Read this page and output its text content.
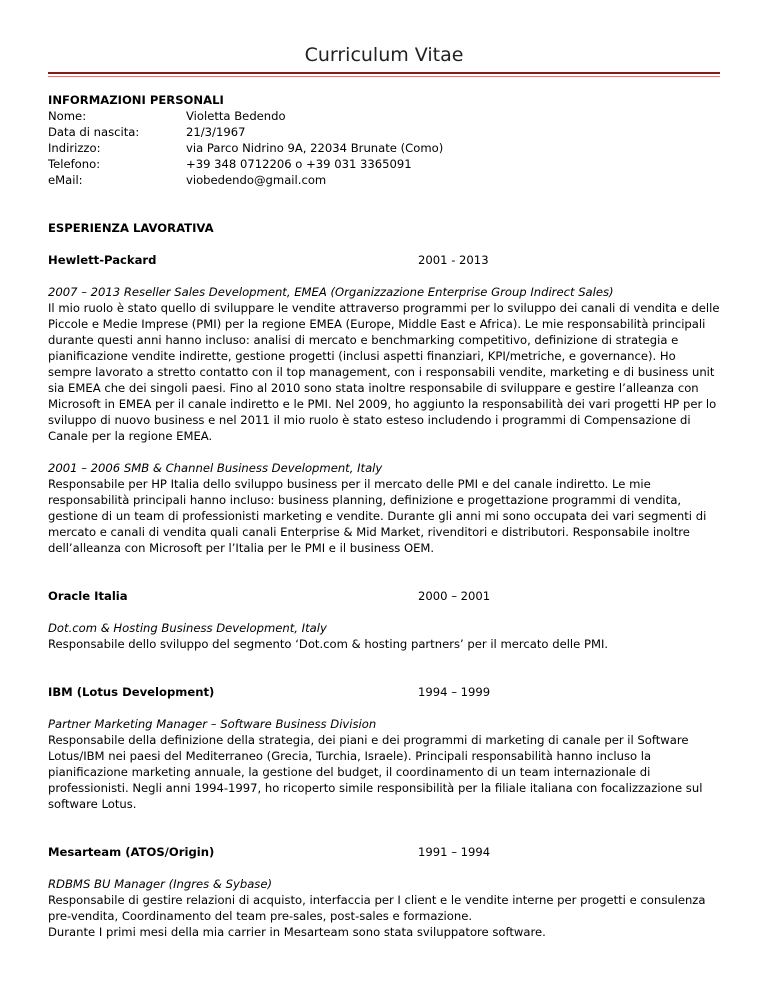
Curriculum Vitae
INFORMAZIONI PERSONALI
Nome:	Violetta Bedendo
Data di nascita:	21/3/1967
Indirizzo:	via Parco Nidrino 9A, 22034 Brunate (Como)
Telefono:	+39 348 0712206 o +39 031 3365091
eMail:	viobedendo@gmail.com
ESPERIENZA LAVORATIVA
Hewlett-Packard	2001 - 2013
2007 – 2013 Reseller Sales Development, EMEA (Organizzazione Enterprise Group Indirect Sales)

Il mio ruolo è stato quello di sviluppare le vendite attraverso programmi per lo sviluppo dei canali di vendita e delle Piccole e Medie Imprese (PMI) per la regione EMEA (Europe, Middle East e Africa). Le mie responsabilità principali durante questi anni hanno incluso: analisi di mercato e benchmarking competitivo, definizione di strategia e pianificazione vendite indirette, gestione progetti (inclusi aspetti finanziari, KPI/metriche, e governance). Ho sempre lavorato a stretto contatto con il top management, con i responsabili vendite, marketing e di business unit sia EMEA che dei singoli paesi. Fino al 2010 sono stata inoltre responsabile di sviluppare e gestire l’alleanza con Microsoft in EMEA per il canale indiretto e le PMI. Nel 2009, ho aggiunto la responsabilità dei vari progetti HP per lo sviluppo di nuovo business e nel 2011 il mio ruolo è stato esteso includendo i programmi di Compensazione di Canale per la regione EMEA.

2001 – 2006 SMB & Channel Business Development, Italy

Responsabile per HP Italia dello sviluppo business per il mercato delle PMI e del canale indiretto. Le mie responsabilità principali hanno incluso: business planning, definizione e progettazione programmi di vendita, gestione di un team di professionisti marketing e vendite. Durante gli anni mi sono occupata dei vari segmenti di mercato e canali di vendita quali canali Enterprise & Mid Market, rivenditori e distributori. Responsabile inoltre dell’alleanza con Microsoft per l’Italia per le PMI e il business OEM.

Oracle Italia	2000 – 2001
Dot.com & Hosting Business Development, Italy

Responsabile dello sviluppo del segmento ‘Dot.com & hosting partners’ per il mercato delle PMI.

IBM (Lotus Development)	1994 – 1999
Partner Marketing Manager – Software Business Division

Responsabile della definizione della strategia, dei piani e dei programmi di marketing di canale per il Software Lotus/IBM nei paesi del Mediterraneo (Grecia, Turchia, Israele). Principali responsabilità hanno incluso la pianificazione marketing annuale, la gestione del budget, il coordinamento di un team internazionale di professionisti. Negli anni 1994-1997, ho ricoperto simile responsibilità per la filiale italiana con focalizzazione sul software Lotus.

Mesarteam (ATOS/Origin)	1991 – 1994
RDBMS BU Manager (Ingres & Sybase)

Responsabile di gestire relazioni di acquisto, interfaccia per I client e le vendite interne per progetti e consulenza pre-vendita, Coordinamento del team pre-sales, post-sales e formazione.

Durante I primi mesi della mia carrier in Mesarteam sono stata sviluppatore software.
